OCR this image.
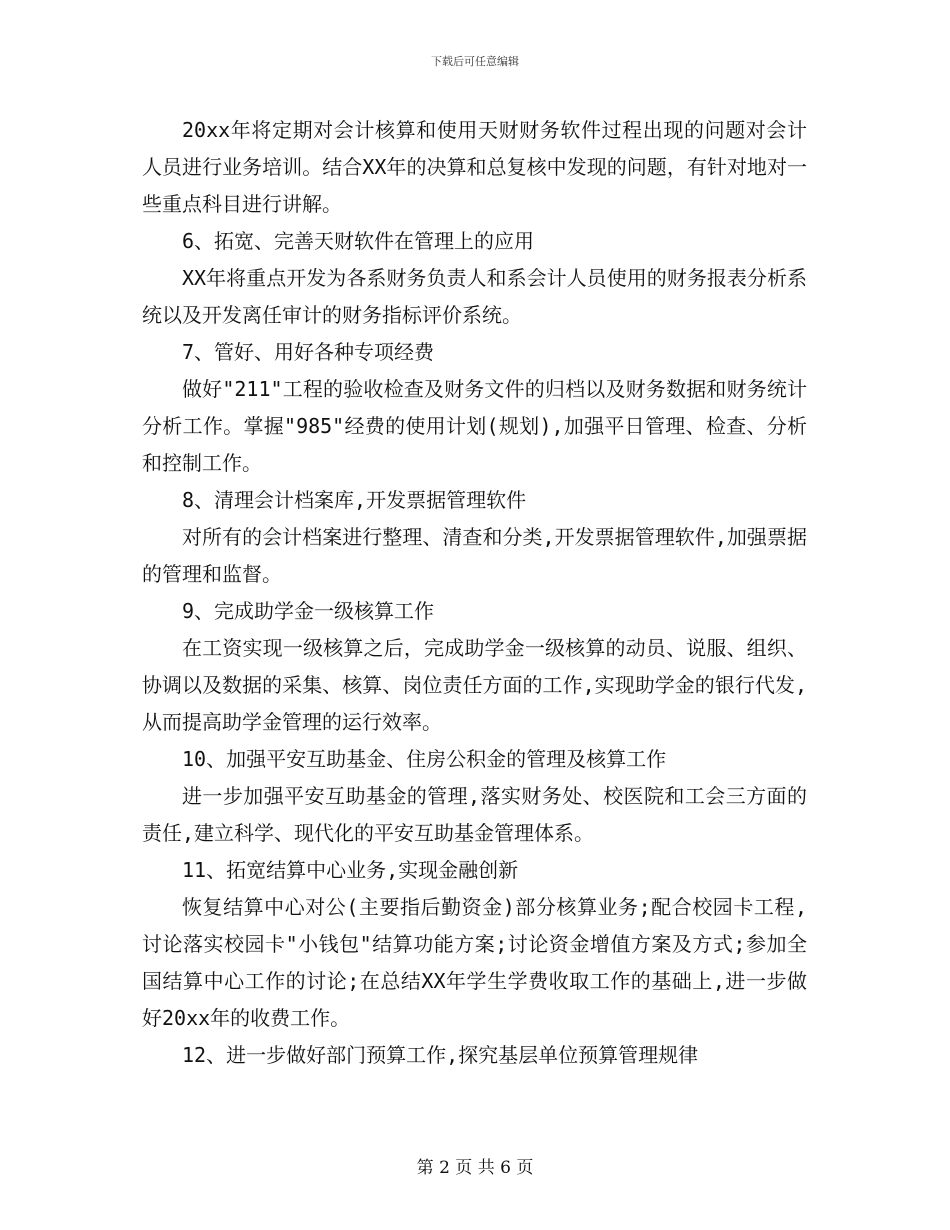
下载后可任意编辑

20xx年将定期对会计核算和使用天财财务软件过程出现的问题对会计人员进行业务培训。结合XX年的决算和总复核中发现的问题，有针对地对一些重点科目进行讲解。

6、拓宽、完善天财软件在管理上的应用

XX年将重点开发为各系财务负责人和系会计人员使用的财务报表分析系统以及开发离任审计的财务指标评价系统。

7、管好、用好各种专项经费

做好"211"工程的验收检查及财务文件的归档以及财务数据和财务统计分析工作。掌握"985"经费的使用计划(规划),加强平日管理、检查、分析和控制工作。

8、清理会计档案库,开发票据管理软件

对所有的会计档案进行整理、清查和分类,开发票据管理软件,加强票据的管理和监督。

9、完成助学金一级核算工作

在工资实现一级核算之后，完成助学金一级核算的动员、说服、组织、协调以及数据的采集、核算、岗位责任方面的工作,实现助学金的银行代发,从而提高助学金管理的运行效率。

10、加强平安互助基金、住房公积金的管理及核算工作

进一步加强平安互助基金的管理,落实财务处、校医院和工会三方面的责任,建立科学、现代化的平安互助基金管理体系。

11、拓宽结算中心业务,实现金融创新

恢复结算中心对公(主要指后勤资金)部分核算业务;配合校园卡工程,讨论落实校园卡"小钱包"结算功能方案;讨论资金增值方案及方式;参加全国结算中心工作的讨论;在总结XX年学生学费收取工作的基础上,进一步做好20xx年的收费工作。

12、进一步做好部门预算工作,探究基层单位预算管理规律

第 2 页 共 6 页
